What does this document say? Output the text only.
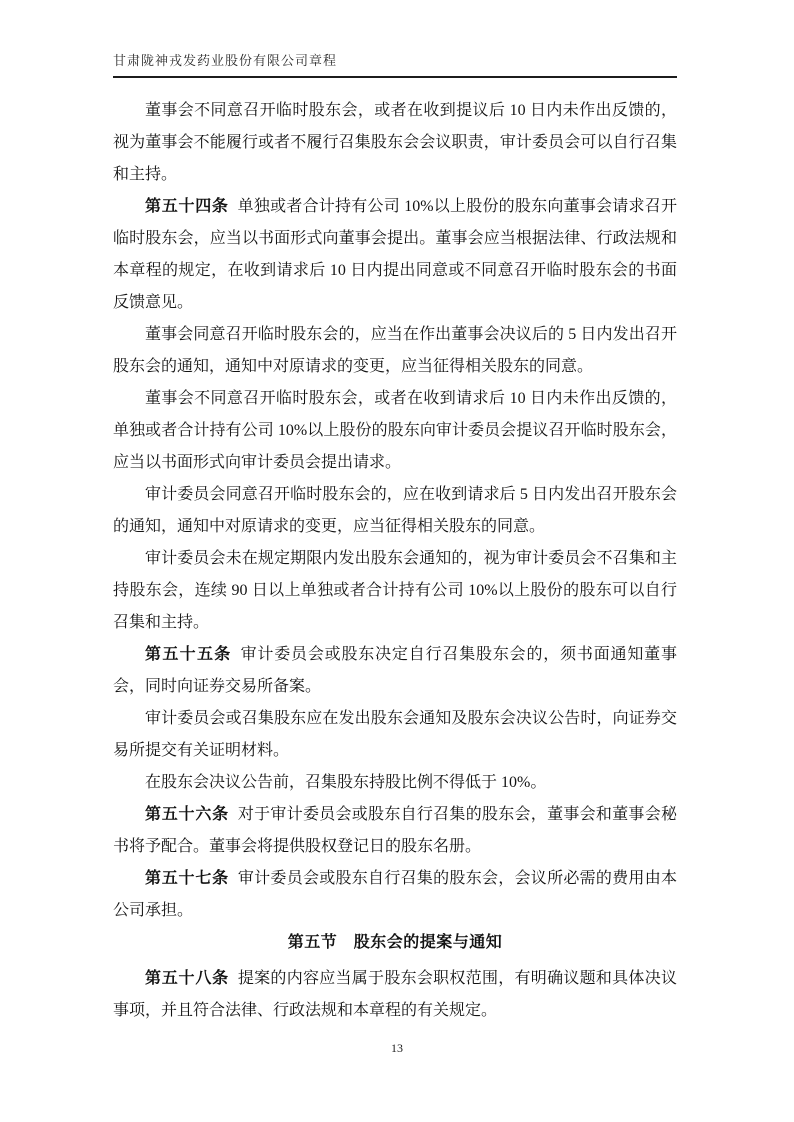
甘肃陇神戎发药业股份有限公司章程

董事会不同意召开临时股东会，或者在收到提议后 10 日内未作出反馈的，视为董事会不能履行或者不履行召集股东会会议职责，审计委员会可以自行召集和主持。

第五十四条 单独或者合计持有公司 10%以上股份的股东向董事会请求召开临时股东会，应当以书面形式向董事会提出。董事会应当根据法律、行政法规和本章程的规定，在收到请求后 10 日内提出同意或不同意召开临时股东会的书面反馈意见。

董事会同意召开临时股东会的，应当在作出董事会决议后的 5 日内发出召开股东会的通知，通知中对原请求的变更，应当征得相关股东的同意。

董事会不同意召开临时股东会，或者在收到请求后 10 日内未作出反馈的，单独或者合计持有公司 10%以上股份的股东向审计委员会提议召开临时股东会，应当以书面形式向审计委员会提出请求。

审计委员会同意召开临时股东会的，应在收到请求后 5 日内发出召开股东会的通知，通知中对原请求的变更，应当征得相关股东的同意。

审计委员会未在规定期限内发出股东会通知的，视为审计委员会不召集和主持股东会，连续 90 日以上单独或者合计持有公司 10%以上股份的股东可以自行召集和主持。

第五十五条 审计委员会或股东决定自行召集股东会的，须书面通知董事会，同时向证券交易所备案。

审计委员会或召集股东应在发出股东会通知及股东会决议公告时，向证券交易所提交有关证明材料。

在股东会决议公告前，召集股东持股比例不得低于 10%。

第五十六条 对于审计委员会或股东自行召集的股东会，董事会和董事会秘书将予配合。董事会将提供股权登记日的股东名册。

第五十七条 审计委员会或股东自行召集的股东会，会议所必需的费用由本公司承担。

第五节　股东会的提案与通知

第五十八条 提案的内容应当属于股东会职权范围，有明确议题和具体决议事项，并且符合法律、行政法规和本章程的有关规定。

13
